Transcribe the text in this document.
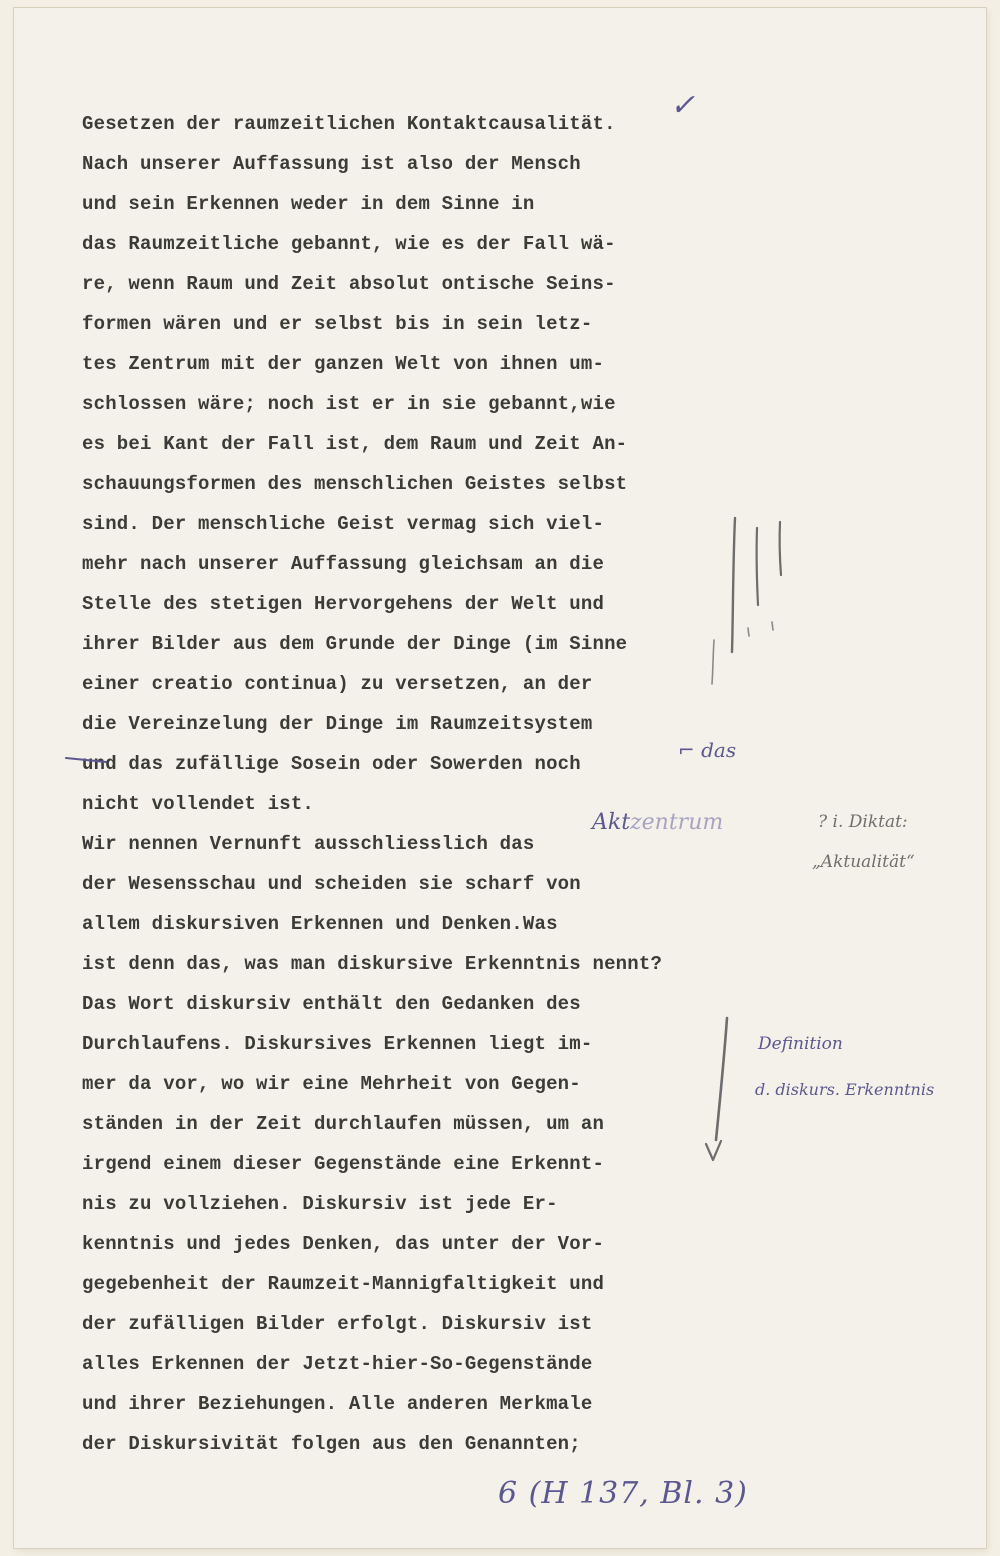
Gesetzen der raumzeitlichen Kontaktcausalität.
Nach unserer Auffassung ist also der Mensch
und sein Erkennen weder in dem Sinne in
das Raumzeitliche gebannt, wie es der Fall wä-
re, wenn Raum und Zeit absolut ontische Seins-
formen wären und er selbst bis in sein letz-
tes Zentrum mit der ganzen Welt von ihnen um-
schlossen wäre; noch ist er in sie gebannt,wie
es bei Kant der Fall ist, dem Raum und Zeit An-
schauungsformen des menschlichen Geistes selbst
sind. Der menschliche Geist vermag sich viel-
mehr nach unserer Auffassung gleichsam an die
Stelle des stetigen Hervorgehens der Welt und
ihrer Bilder aus dem Grunde der Dinge (im Sinne
einer creatio continua) zu versetzen, an der
die Vereinzelung der Dinge im Raumzeitsystem
und das zufällige Sosein oder Sowerden noch
nicht vollendet ist.
Wir nennen Vernunft ausschliesslich das
der Wesensschau und scheiden sie scharf von
allem diskursiven Erkennen und Denken.Was
ist denn das, was man diskursive Erkenntnis nennt?
Das Wort diskursiv enthält den Gedanken des
Durchlaufens. Diskursives Erkennen liegt im-
mer da vor, wo wir eine Mehrheit von Gegen-
ständen in der Zeit durchlaufen müssen, um an
irgend einem dieser Gegenstände eine Erkennt-
nis zu vollziehen. Diskursiv ist jede Er-
kenntnis und jedes Denken, das unter der Vor-
gegebenheit der Raumzeit-Mannigfaltigkeit und
der zufälligen Bilder erfolgt. Diskursiv ist
alles Erkennen der Jetzt-hier-So-Gegenstände
und ihrer Beziehungen. Alle anderen Merkmale
der Diskursivität folgen aus den Genannten;
✓
⌐ das
Aktzentrum	? i. Diktat:
„Aktualität“
Definition
d. diskurs. Erkenntnis
6 (H 137, Bl. 3)
